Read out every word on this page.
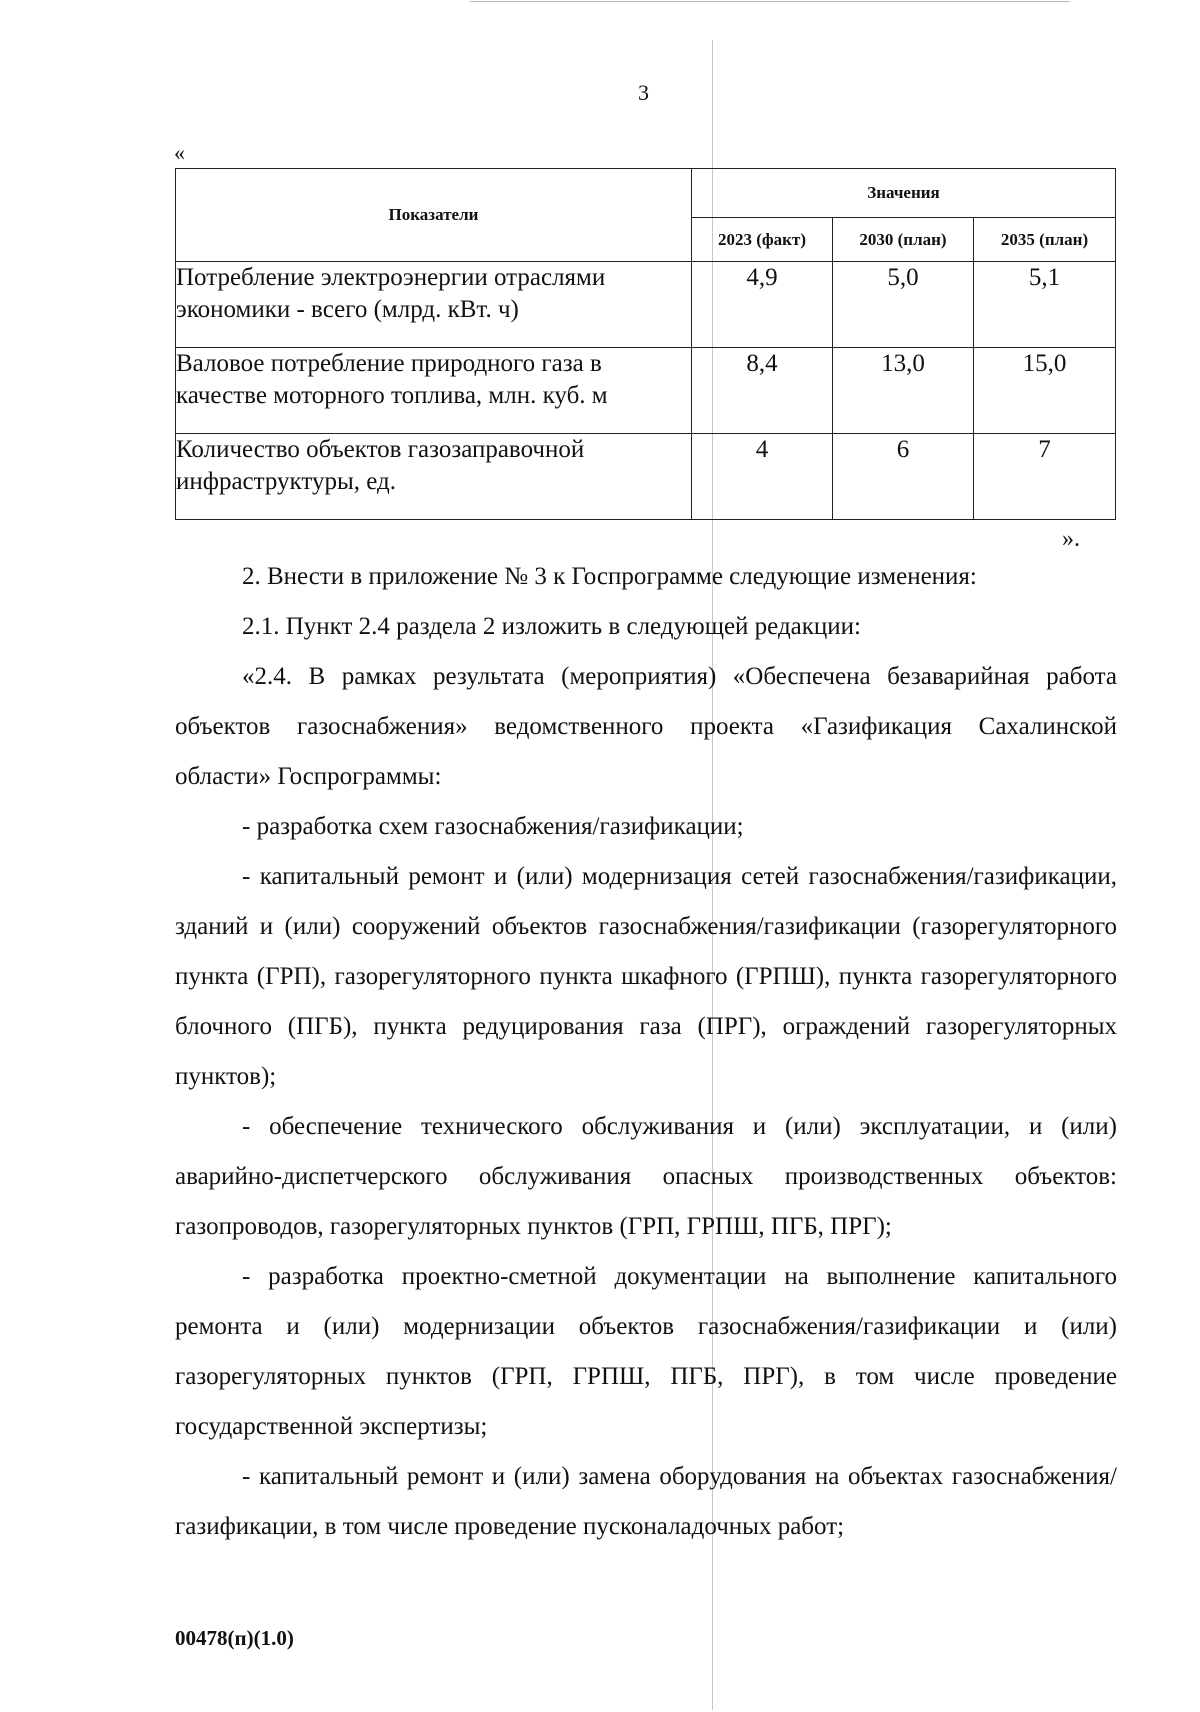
3
«
Показатели	Значения		
	2023 (факт)	2030 (план)	2035 (план)
Потребление электроэнергии отраслями экономики - всего (млрд. кВт. ч)	4,9	5,0	5,1
Валовое потребление природного газа в качестве моторного топлива, млн. куб. м	8,4	13,0	15,0
Количество объектов газозаправочной инфраструктуры, ед.	4	6	7
».

2. Внести в приложение № 3 к Госпрограмме следующие изменения:

2.1. Пункт 2.4 раздела 2 изложить в следующей редакции:

«2.4. В рамках результата (мероприятия) «Обеспечена безаварийная работа объектов газоснабжения» ведомственного проекта «Газификация Сахалинской области» Госпрограммы:

- разработка схем газоснабжения/газификации;

- капитальный ремонт и (или) модернизация сетей газоснабжения/газификации, зданий и (или) сооружений объектов газоснабжения/газификации (газорегуляторного пункта (ГРП), газорегуляторного пункта шкафного (ГРПШ), пункта газорегуляторного блочного (ПГБ), пункта редуцирования газа (ПРГ), ограждений газорегуляторных пунктов);

- обеспечение технического обслуживания и (или) эксплуатации, и (или) аварийно-диспетчерского обслуживания опасных производственных объектов: газопроводов, газорегуляторных пунктов (ГРП, ГРПШ, ПГБ, ПРГ);

- разработка проектно-сметной документации на выполнение капитального ремонта и (или) модернизации объектов газоснабжения/газификации и (или) газорегуляторных пунктов (ГРП, ГРПШ, ПГБ, ПРГ), в том числе проведение государственной экспертизы;

- капитальный ремонт и (или) замена оборудования на объектах газоснабжения/газификации, в том числе проведение пусконаладочных работ;

00478(п)(1.0)
